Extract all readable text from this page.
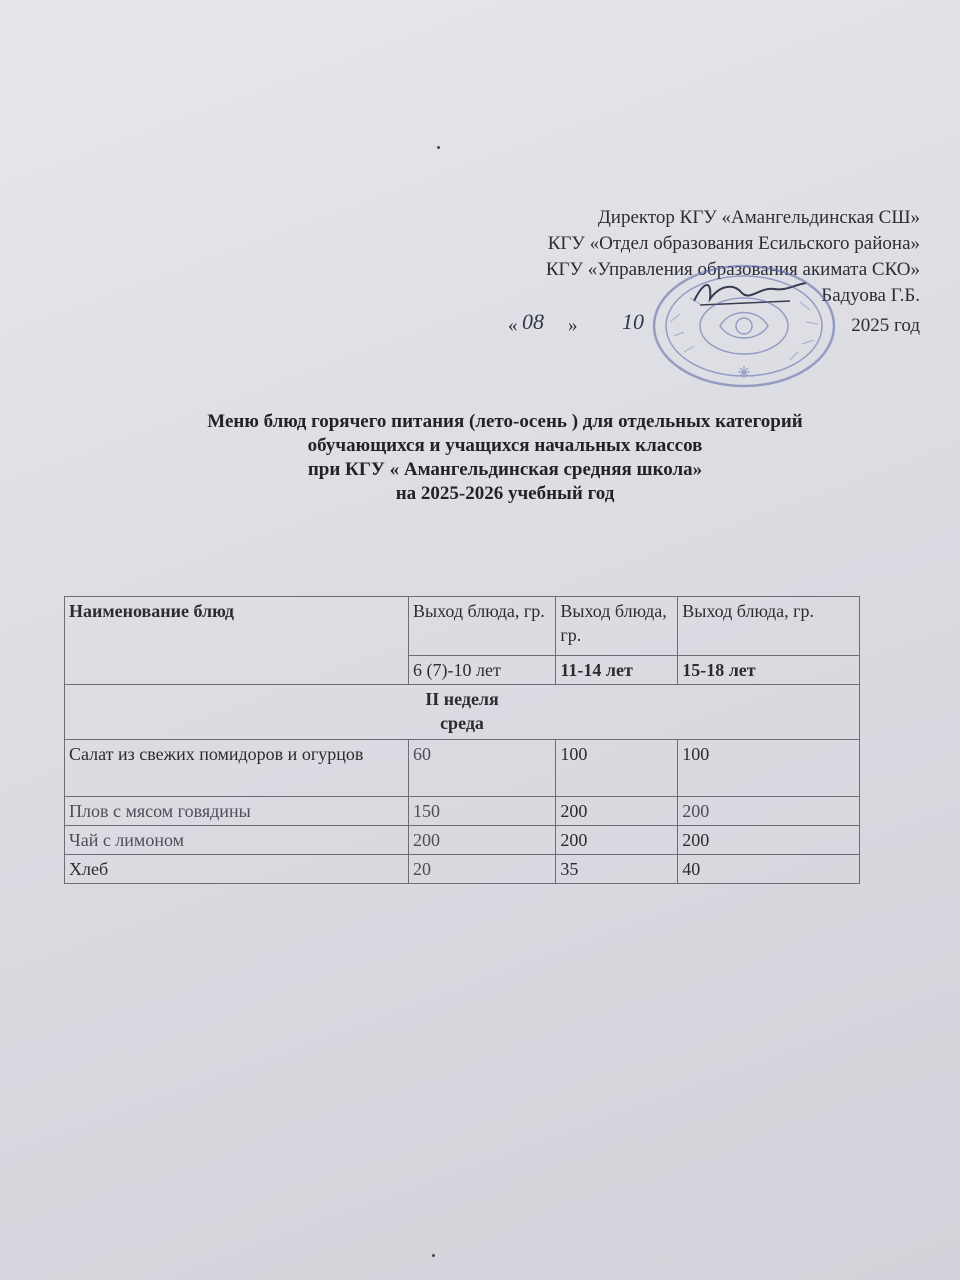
Директор КГУ «Амангельдинская СШ»
КГУ «Отдел образования Есильского района»
КГУ «Управления образования акимата СКО»
Бадуова Г.Б.
« 08 » 10	2025 год
Меню блюд горячего питания (лето-осень ) для отдельных категорий
обучающихся и учащихся начальных классов
при КГУ « Амангельдинская средняя школа»
на 2025-2026 учебный год
Наименование блюд	Выход блюда, гр.	Выход блюда, гр.	Выход блюда, гр.
	6 (7)-10 лет	11-14 лет	15-18 лет

II неделя
среда			

Салат из свежих помидоров и огурцов	60	100	100
Плов с мясом говядины	150	200	200
Чай с лимоном	200	200	200
Хлеб	20	35	40
